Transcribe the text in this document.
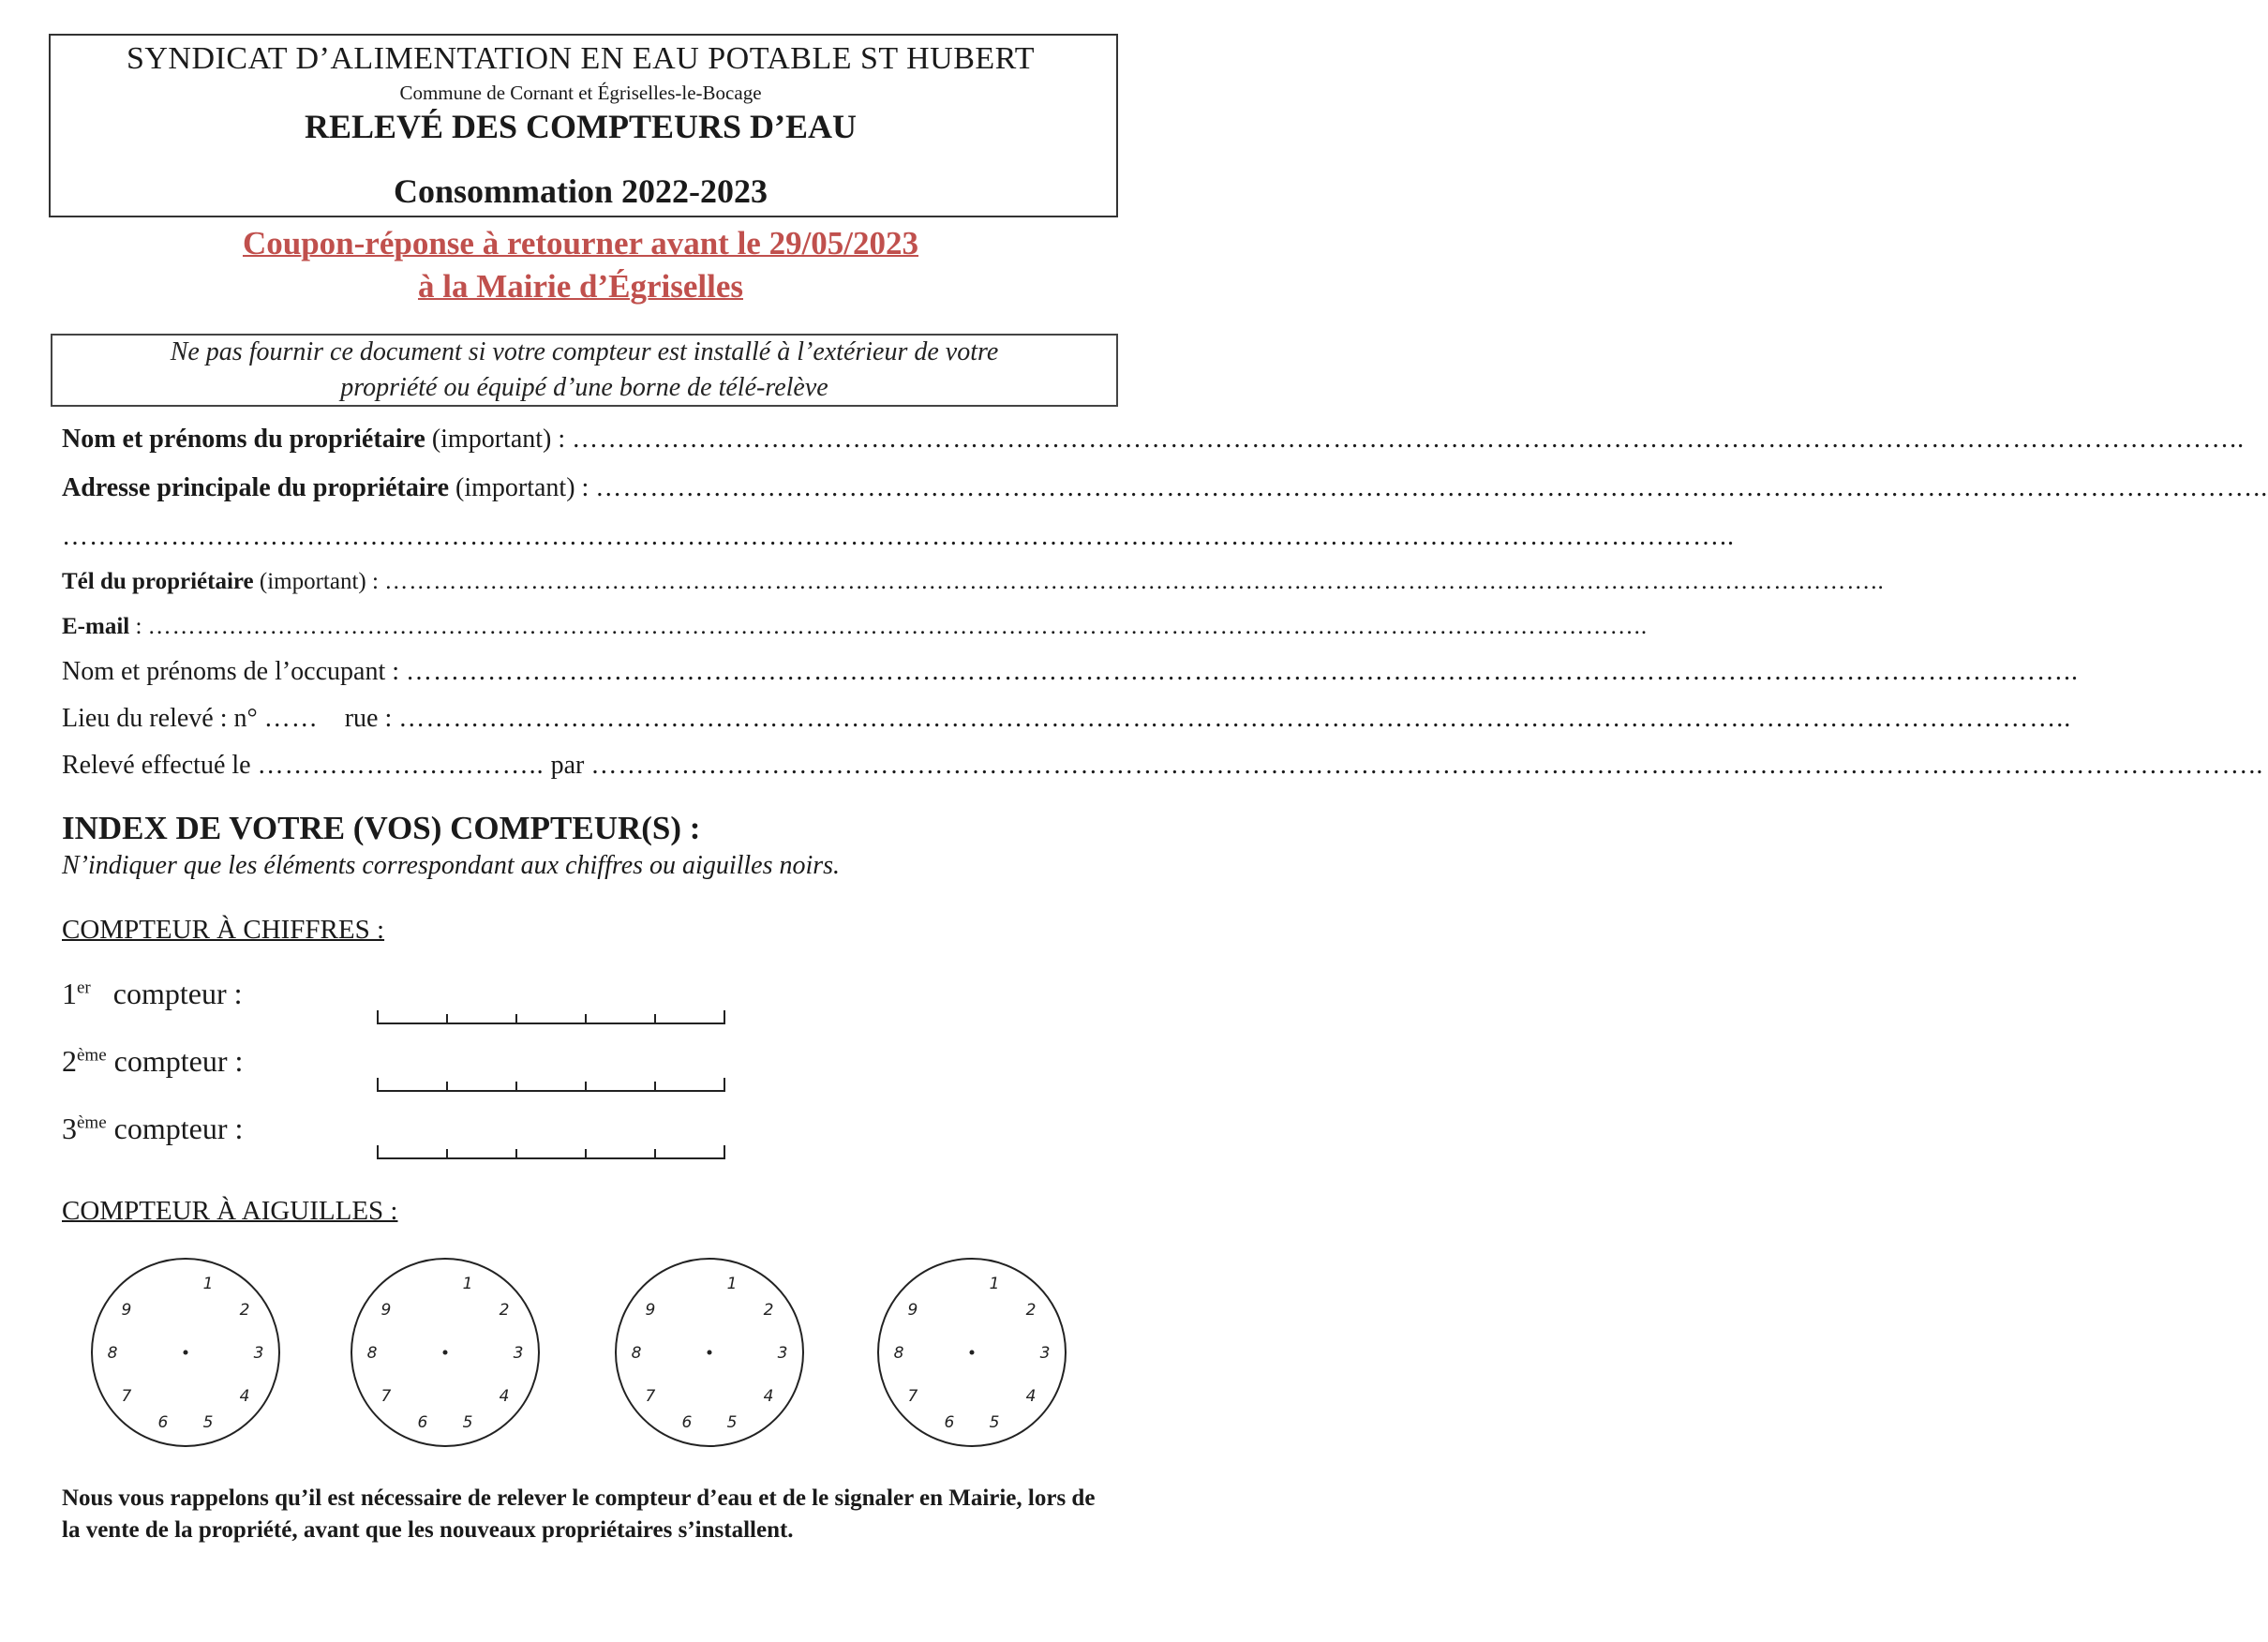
SYNDICAT D’ALIMENTATION EN EAU POTABLE ST HUBERT
Commune de Cornant et Égriselles-le-Bocage
RELEVÉ DES COMPTEURS D’EAU
Consommation 2022-2023
Coupon-réponse à retourner avant le 29/05/2023
à la Mairie d’Égriselles
Ne pas fournir ce document si votre compteur est installé à l’extérieur de votre
propriété ou équipé d’une borne de télé-relève
Nom et prénoms du propriétaire (important) : …………………………………………………………………………………………………………………………………………………………………..
Adresse principale du propriétaire (important) : …………………………………………………………………………………………………………………………………………………………………..
…………………………………………………………………………………………………………………………………………………………………..
Tél du propriétaire (important) : …………………………………………………………………………………………………………………………………………………………………..
E-mail : …………………………………………………………………………………………………………………………………………………………………..
Nom et prénoms de l’occupant : …………………………………………………………………………………………………………………………………………………………………..
Lieu du relevé : n° ……    rue : …………………………………………………………………………………………………………………………………………………………………..
Relevé effectué le ………………………….. par …………………………………………………………………………………………………………………………………………………………………..
INDEX DE VOTRE (VOS) COMPTEUR(S) :
N’indiquer que les éléments correspondant aux chiffres ou aiguilles noirs.
COMPTEUR À CHIFFRES :
1er   compteur :
2ème compteur :
3ème compteur :
COMPTEUR À AIGUILLES :
1
2
3
4
5
6
7
8
9
1
2
3
4
5
6
7
8
9
1
2
3
4
5
6
7
8
9
1
2
3
4
5
6
7
8
9
Nous vous rappelons qu’il est nécessaire de relever le compteur d’eau et de le signaler en Mairie, lors de la vente de la propriété, avant que les nouveaux propriétaires s’installent.
